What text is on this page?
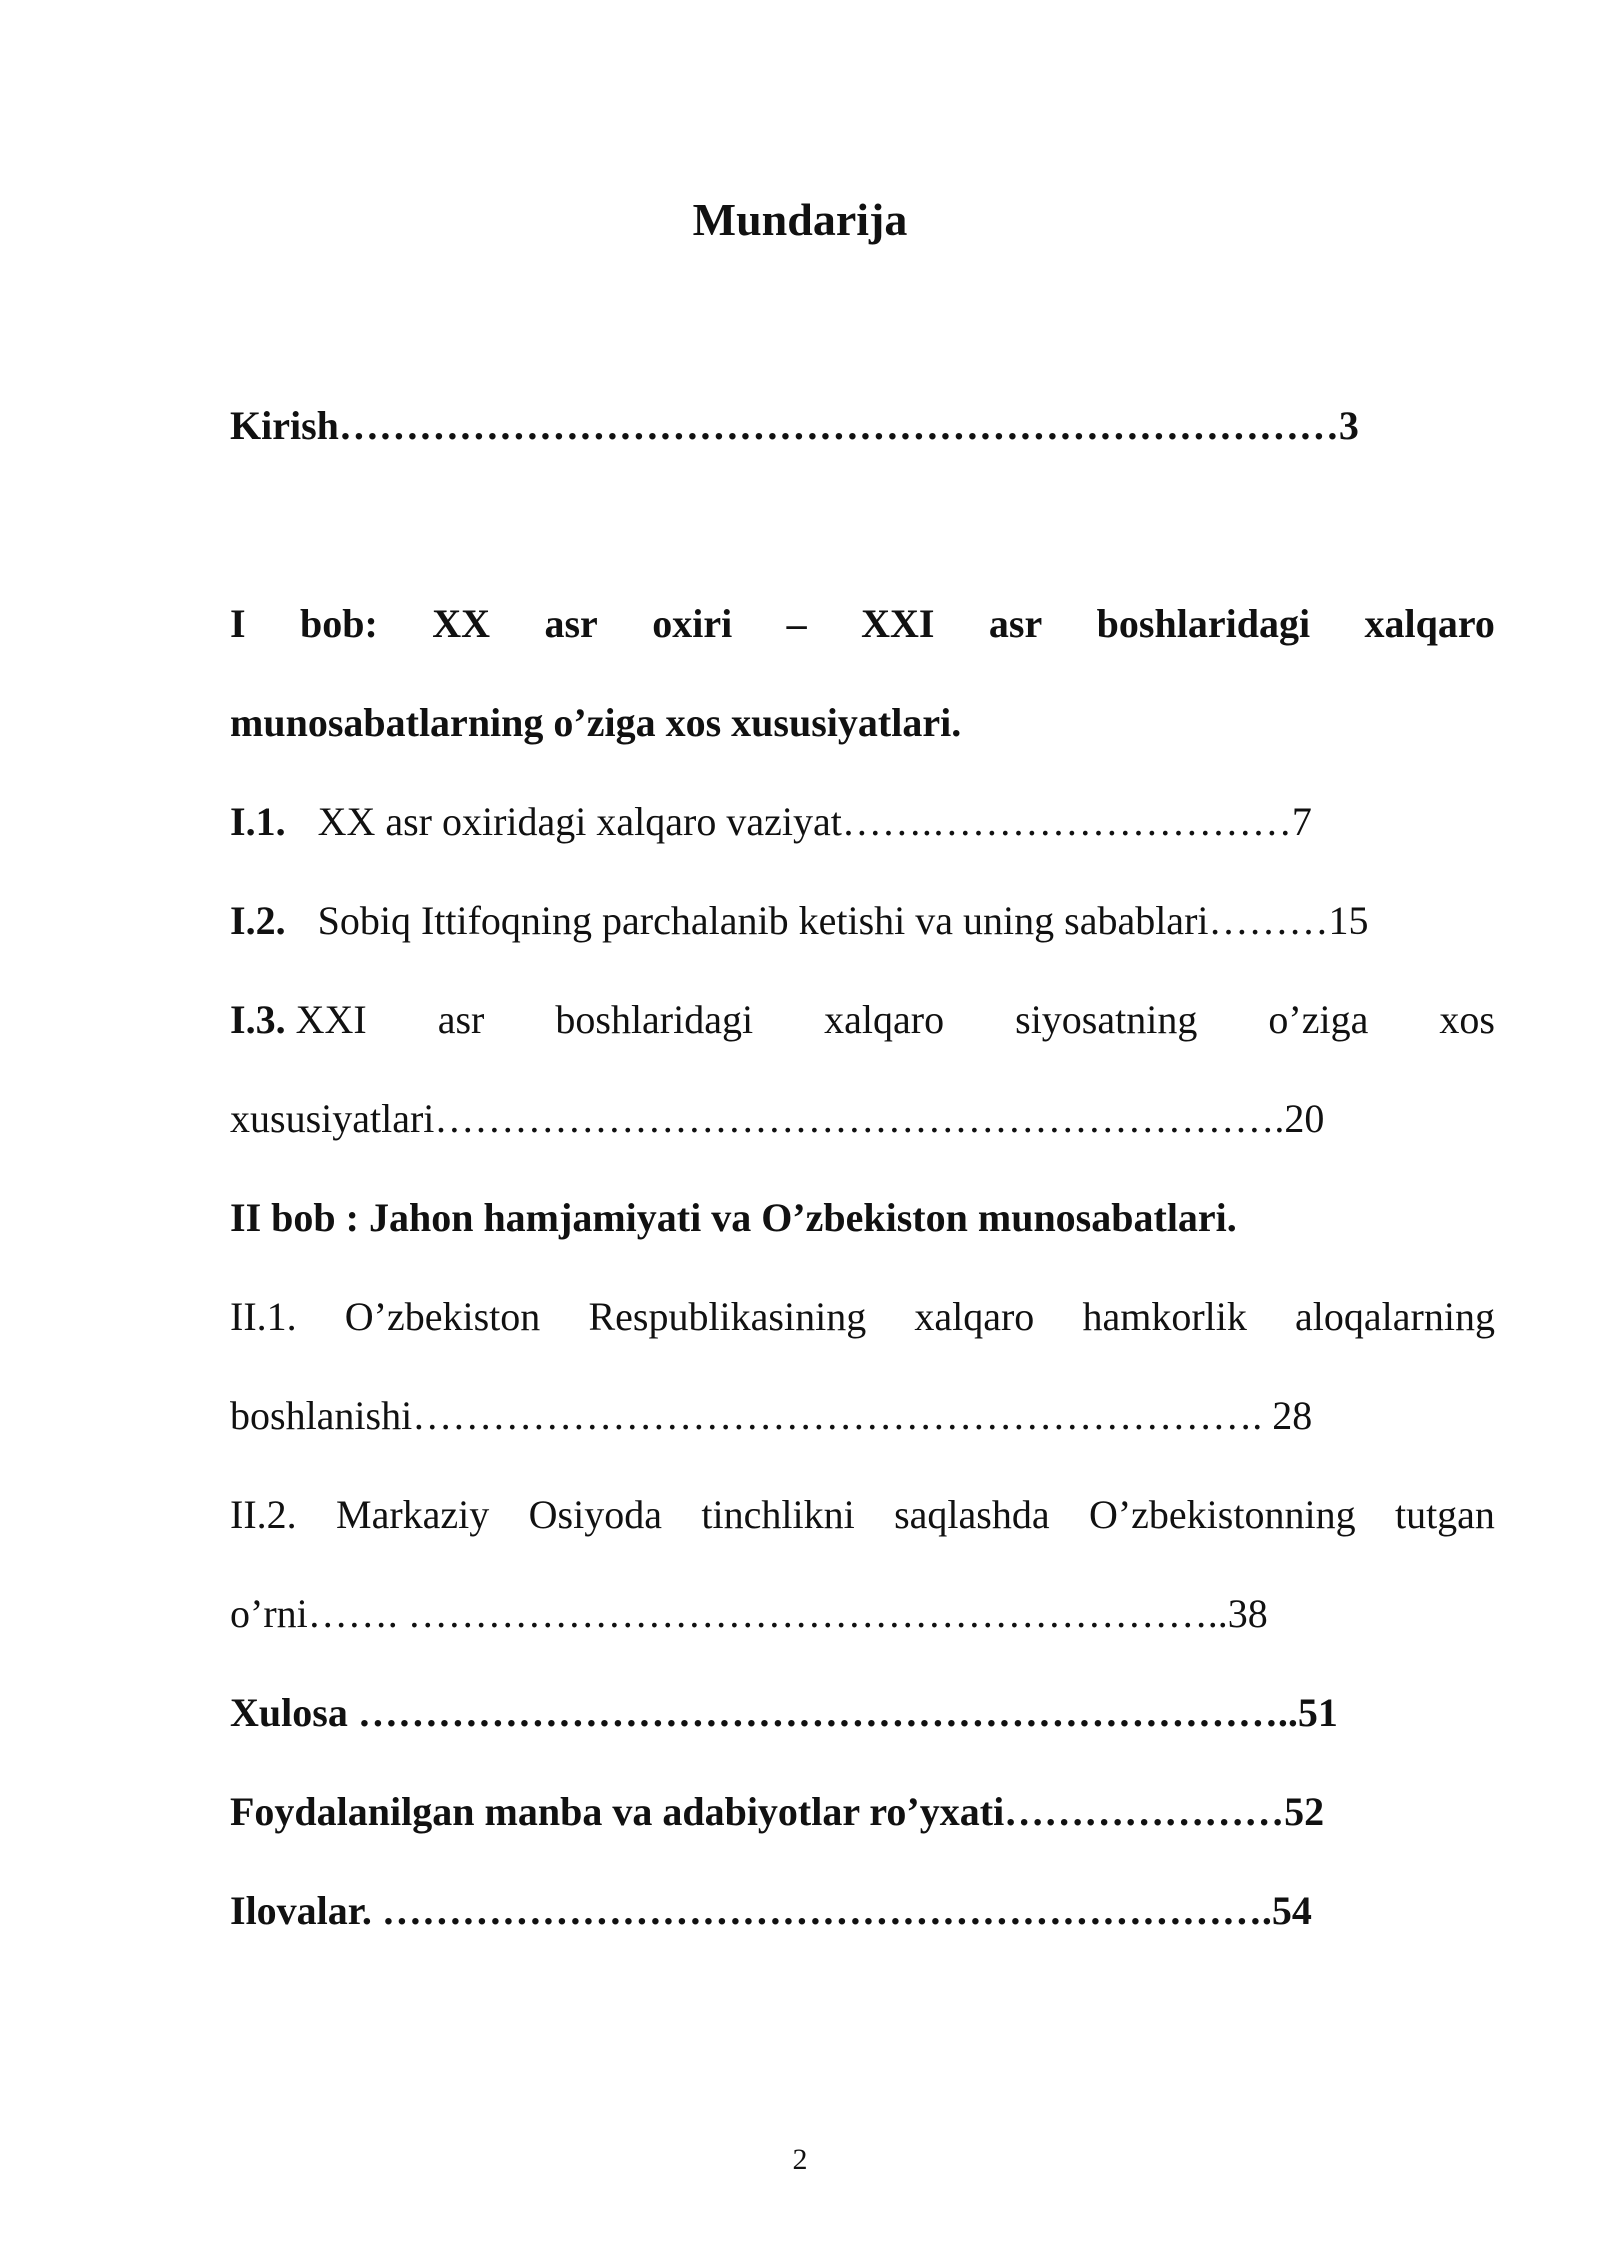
Mundarija
Kirish…………………………………………………………………3
I bob: XX asr oxiri – XXI asr boshlaridagi xalqaro
munosabatlarning o’ziga xos xususiyatlari.
I.1. XX asr oxiridagi xalqaro vaziyat…….………………………7
I.2. Sobiq Ittifoqning parchalanib ketishi va uning sabablari………15
I.3. XXI asr boshlaridagi xalqaro siyosatning o’ziga xos
xususiyatlari……………………………………………………….20
II bob : Jahon hamjamiyati va O’zbekiston munosabatlari.
II.1. O’zbekiston Respublikasining xalqaro hamkorlik aloqalarning
boshlanishi………………………………………………………. 28
II.2. Markaziy Osiyoda tinchlikni saqlashda O’zbekistonning tutgan
o’rni……. ……………………………………………………..38
Xulosa ……………………………………………………………..51
Foydalanilgan manba va adabiyotlar ro’yxati…………………52
Ilovalar. ………………………………………………………….54
2
